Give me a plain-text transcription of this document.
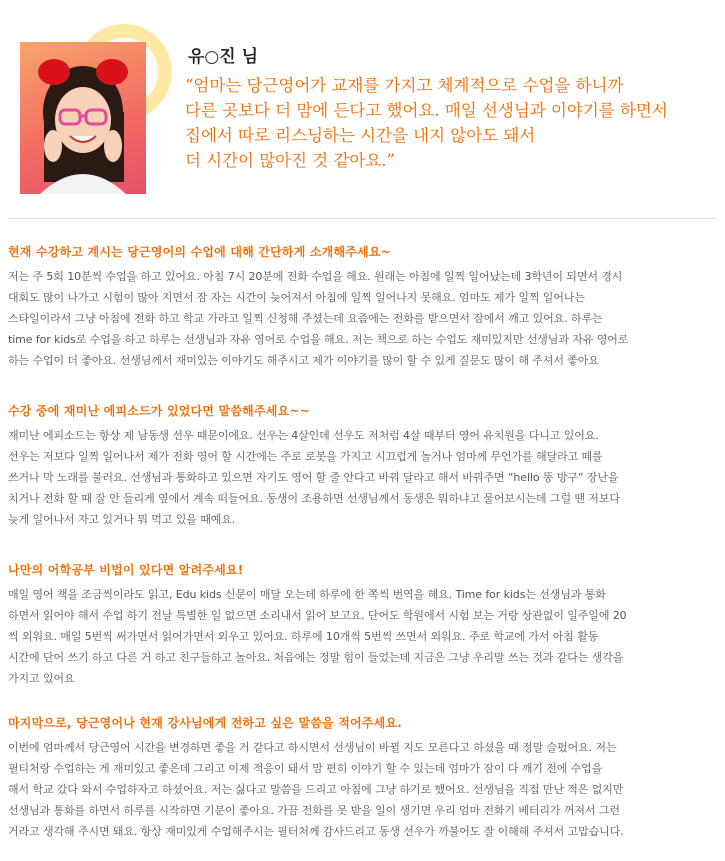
유○진 님
“엄마는 당근영어가 교재를 가지고 체계적으로 수업을 하니까
다른 곳보다 더 맘에 든다고 했어요. 매일 선생님과 이야기를 하면서
집에서 따로 리스닝하는 시간을 내지 않아도 돼서
더 시간이 많아진 것 같아요.”
현재 수강하고 계시는 당근영어의 수업에 대해 간단하게 소개해주세요~
저는 주 5회 10분씩 수업을 하고 있어요. 아침 7시 20분에 전화 수업을 해요. 원래는 아침에 일찍 일어났는데 3학년이 되면서 경시
대회도 많이 나가고 시험이 많아 지면서 잠 자는 시간이 늦어져서 아침에 일찍 일어나지 못해요. 엄마도 제가 일찍 일어나는
스타일이라서 그냥 아침에 전화 하고 학교 가라고 일찍 신청해 주셨는데 요즘에는 전화를 받으면서 잠에서 깨고 있어요. 하루는
time for kids로 수업을 하고 하루는 선생님과 자유 영어로 수업을 해요. 저는 책으로 하는 수업도 재미있지만 선생님과 자유 영어로
하는 수업이 더 좋아요. 선생님께서 재미있는 이야기도 해주시고 제가 이야기를 많이 할 수 있게 질문도 많이 해 주셔서 좋아요
수강 중에 재미난 에피소드가 있었다면 말씀해주세요~~
재미난 에피소드는 항상 제 남동생 선우 때문이에요. 선우는 4살인데 선우도 저처럼 4살 때부터 영어 유치원을 다니고 있어요.
선우는 저보다 일찍 일어나서 제가 전화 영어 할 시간에는 주로 로봇을 가지고 시끄럽게 놀거나 엄마께 무언가를 해달라고 떼를
쓰거나 막 노래를 불러요. 선생님과 통화하고 있으면 자기도 영어 할 줄 안다고 바꿔 달라고 해서 바꿔주면 “hello 똥 방구” 장난을
치거나 전화 할 때 잘 안 들리게 옆에서 계속 떠들어요. 동생이 조용하면 선생님께서 동생은 뭐하냐고 물어보시는데 그럴 땐 저보다
늦게 일어나서 자고 있거나 뭐 먹고 있을 때예요.
나만의 어학공부 비법이 있다면 알려주세요!
매일 영어 책을 조금씩이라도 읽고, Edu kids 신문이 매달 오는데 하루에 한 쪽씩 번역을 해요. Time for kids는 선생님과 통화
하면서 읽어야 해서 수업 하기 전날 특별한 일 없으면 소리내서 읽어 보고요. 단어도 학원에서 시험 보는 거랑 상관없이 일주일에 20
씩 외워요. 매일 5번씩 써가면서 읽어가면서 외우고 있어요. 하루에 10개씩 5번씩 쓰면서 외워요. 주로 학교에 가서 아침 활동
시간에 단어 쓰기 하고 다른 거 하고 친구들하고 놀아요. 처음에는 정말 힘이 들었는데 지금은 그냥 우리말 쓰는 것과 같다는 생각을
가지고 있어요
마지막으로, 당근영어나 현재 강사님에게 전하고 싶은 말씀을 적어주세요.
이번에 엄마께서 당근영어 시간을 변경하면 좋을 거 같다고 하시면서 선생님이 바뀔 지도 모른다고 하셨을 때 정말 슬펐어요. 저는
필티처랑 수업하는 게 재미있고 좋은데 그리고 이제 적응이 돼서 맘 편히 이야기 할 수 있는데 엄마가 잠이 다 깨기 전에 수업을
해서 학교 갔다 와서 수업하자고 하셨어요. 저는 싫다고 말씀을 드리고 아침에 그냥 하기로 했어요. 선생님을 직접 만난 적은 없지만
선생님과 통화를 하면서 하루를 시작하면 기분이 좋아요. 가끔 전화를 못 받을 일이 생기면 우리 엄마 전화기 베터리가 꺼져서 그런
거라고 생각해 주시면 돼요. 항상 재미있게 수업해주시는 필터처께 감사드리고 동생 선우가 까불어도 잘 이해해 주셔서 고맙습니다.
